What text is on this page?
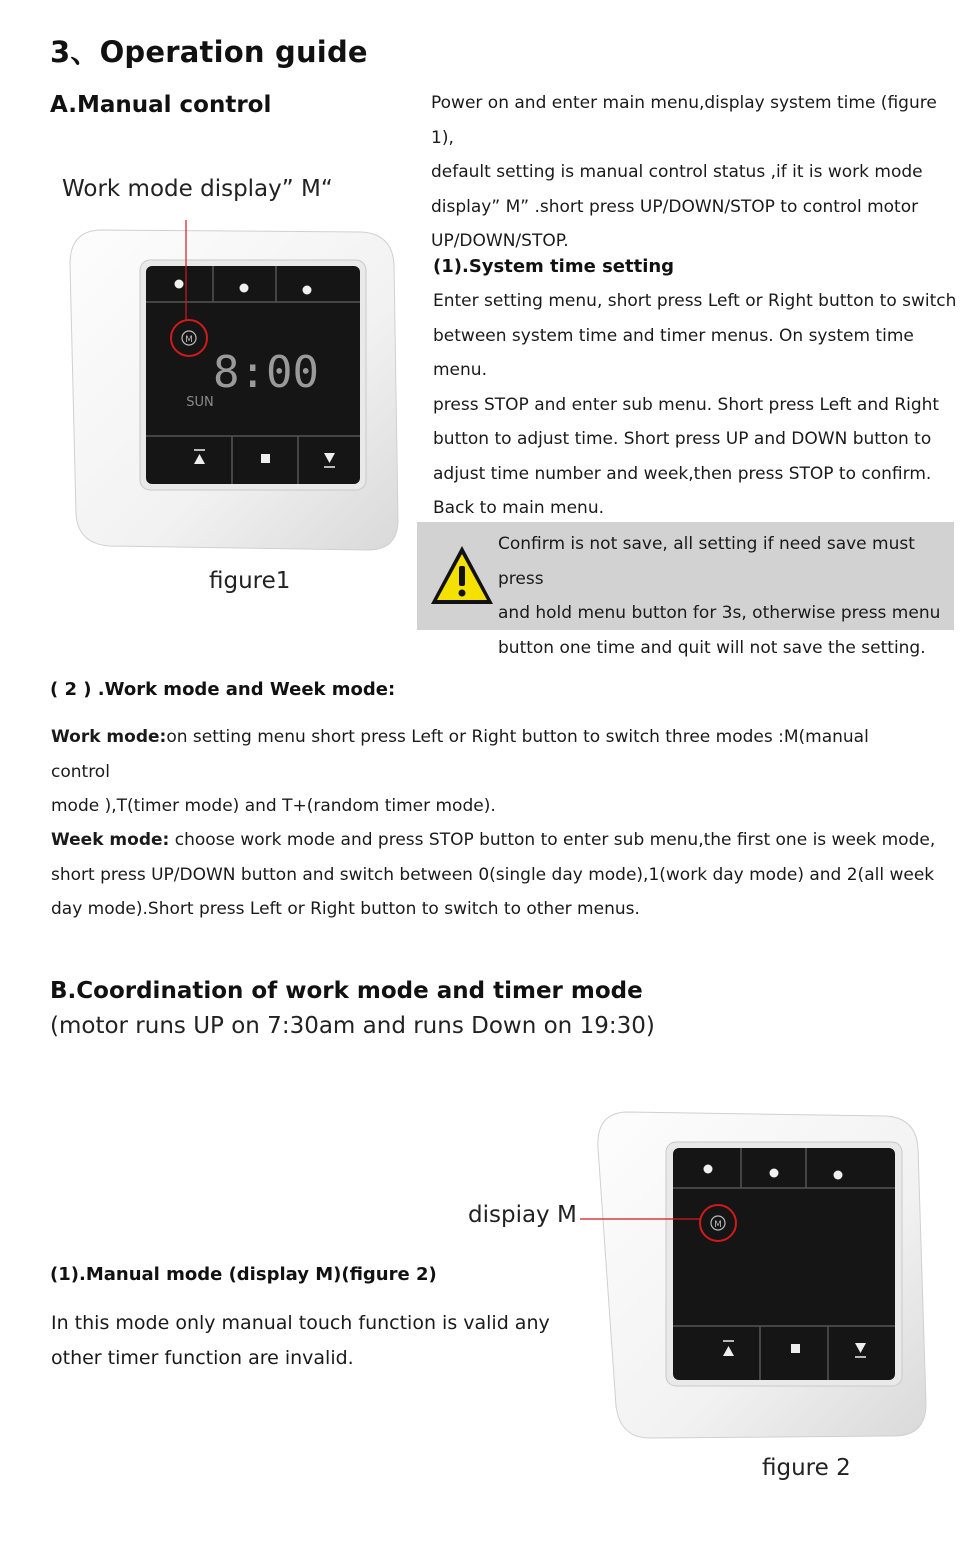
3、Operation guide
A.Manual control
Work mode display” M“
M
8:00
SUN
figure1
Power on and enter main menu,display system time (figure 1),
default setting is manual control status ,if it is work mode
display” M” .short press UP/DOWN/STOP to control motor
UP/DOWN/STOP.
(1).System time setting
Enter setting menu, short press Left or Right button to switch
between system time and timer menus. On system time menu.
press STOP and enter sub menu. Short press Left and Right
button to adjust time. Short press UP and DOWN button to
adjust time number and week,then press STOP to confirm.
Back to main menu.
Confirm is not save, all setting if need save must press
and hold menu button for 3s, otherwise press menu
button one time and quit will not save the setting.
( 2 ) .Work mode and Week mode:
Work mode:on setting menu short press Left or Right button to switch three modes :M(manual control
mode ),T(timer mode) and T+(random timer mode).
Week mode: choose work mode and press STOP button to enter sub menu,the first one is week mode,
short press UP/DOWN button and switch between 0(single day mode),1(work day mode) and 2(all week
day mode).Short press Left or Right button to switch to other menus.
B.Coordination of work mode and timer mode
(motor runs UP on 7:30am and runs Down on 19:30)
(1).Manual mode (display M)(figure 2)
In this mode only manual touch function is valid any
other timer function are invalid.
dispiay M	M
figure 2
